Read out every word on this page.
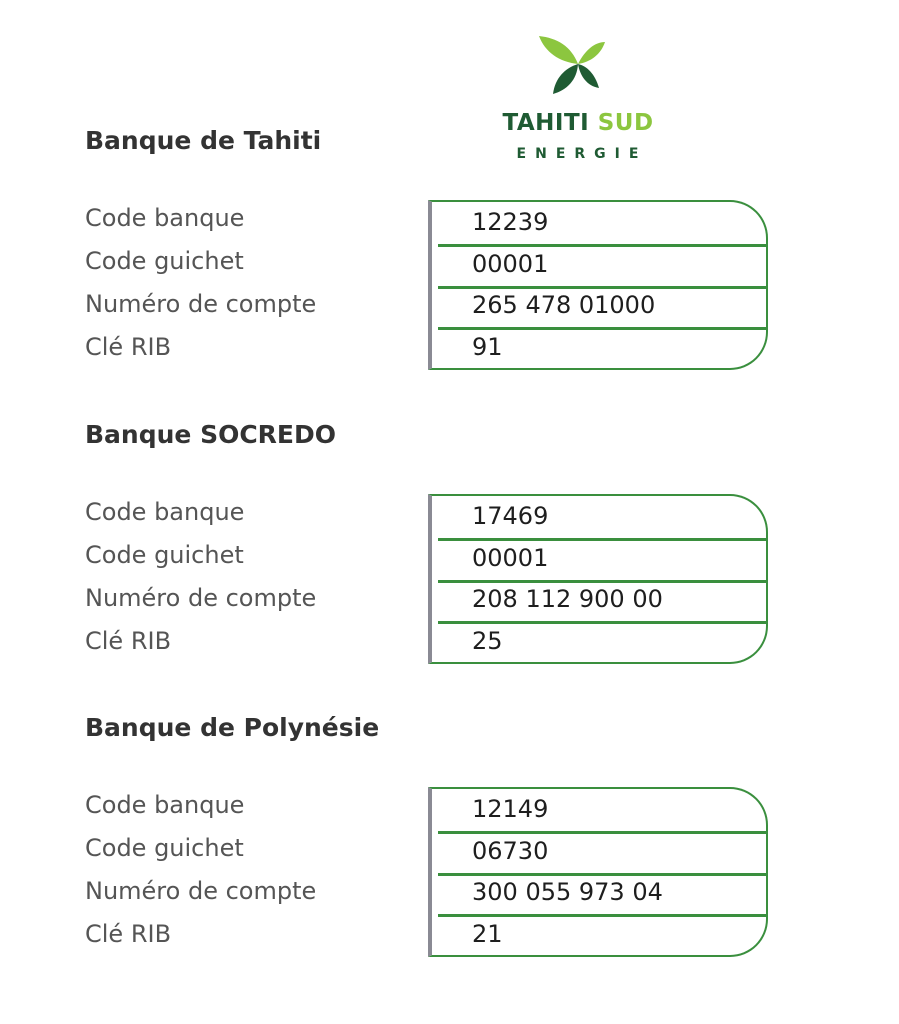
TAHITI SUD
ENERGIE
Banque de Tahiti
Code banque
Code guichet
Numéro de compte
Clé RIB
12239
00001
265 478 01000
91
Banque SOCREDO
Code banque
Code guichet
Numéro de compte
Clé RIB
17469
00001
208 112 900 00
25
Banque de Polynésie
Code banque
Code guichet
Numéro de compte
Clé RIB
12149
06730
300 055 973 04
21
